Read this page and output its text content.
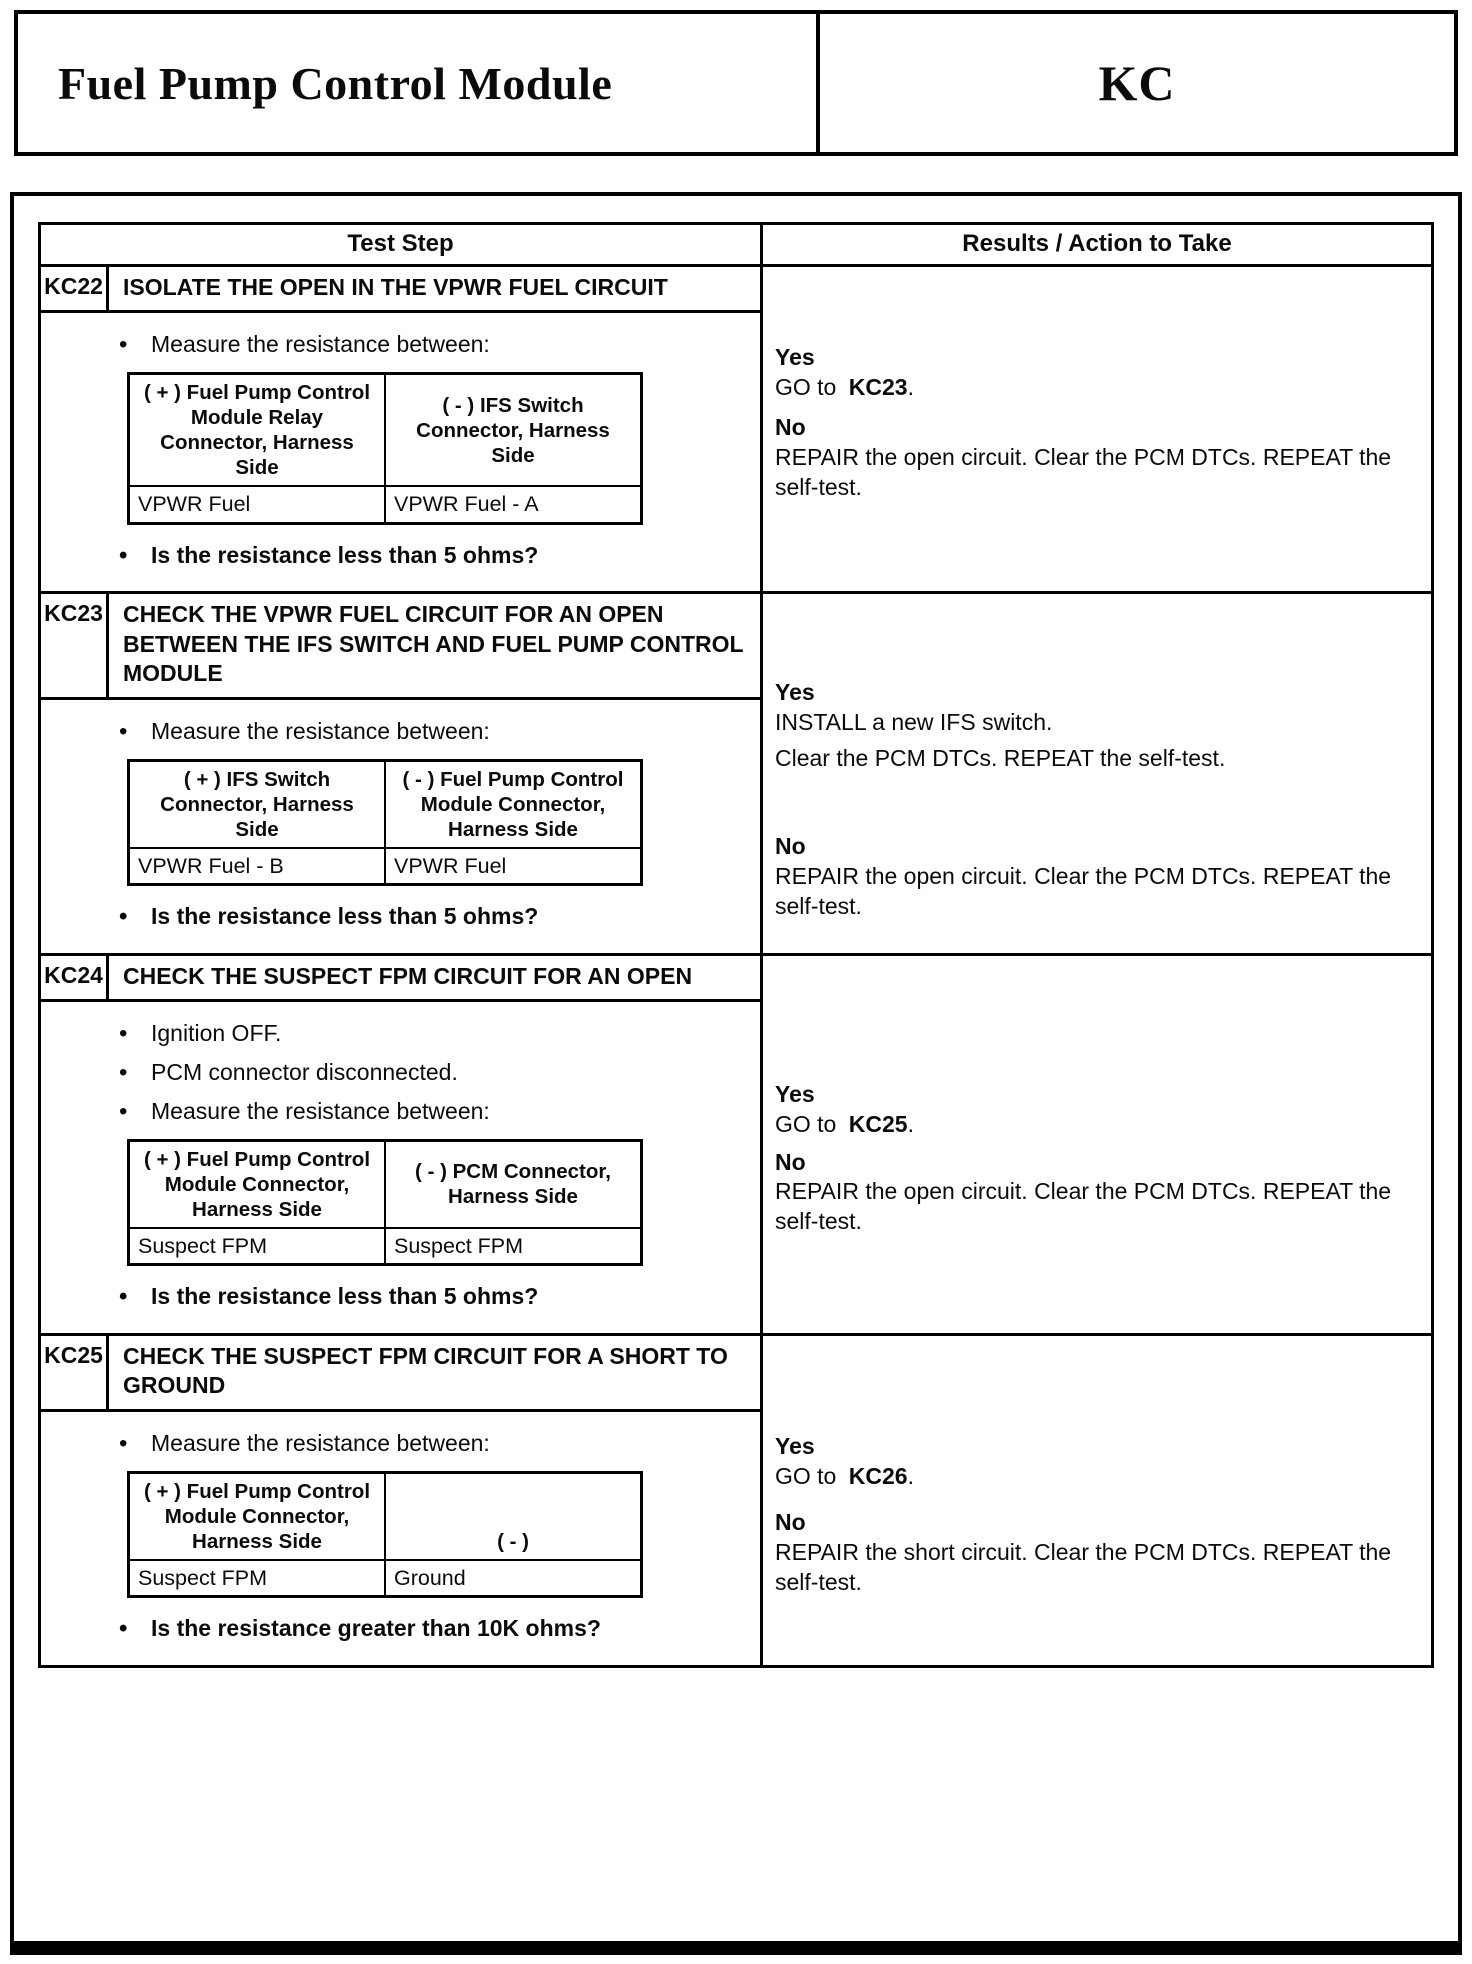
Fuel Pump Control Module	KC
Test Step	Results / Action to Take
KC22 ISOLATE THE OPEN IN THE VPWR FUEL CIRCUIT
• Measure the resistance between:
( + ) Fuel Pump Control Module Relay Connector, Harness Side	( - ) IFS Switch Connector, Harness Side
VPWR Fuel	VPWR Fuel - A
• Is the resistance less than 5 ohms?
Yes
GO to KC23.
No
REPAIR the open circuit. Clear the PCM DTCs. REPEAT the self-test.
KC23 CHECK THE VPWR FUEL CIRCUIT FOR AN OPEN BETWEEN THE IFS SWITCH AND FUEL PUMP CONTROL MODULE
• Measure the resistance between:
( + ) IFS Switch Connector, Harness Side	( - ) Fuel Pump Control Module Connector, Harness Side
VPWR Fuel - B	VPWR Fuel
• Is the resistance less than 5 ohms?
Yes
INSTALL a new IFS switch.
Clear the PCM DTCs. REPEAT the self-test.
No
REPAIR the open circuit. Clear the PCM DTCs. REPEAT the self-test.
KC24 CHECK THE SUSPECT FPM CIRCUIT FOR AN OPEN
• Ignition OFF.
• PCM connector disconnected.
• Measure the resistance between:
( + ) Fuel Pump Control Module Connector, Harness Side	( - ) PCM Connector, Harness Side
Suspect FPM	Suspect FPM
• Is the resistance less than 5 ohms?
Yes
GO to KC25.
No
REPAIR the open circuit. Clear the PCM DTCs. REPEAT the self-test.
KC25 CHECK THE SUSPECT FPM CIRCUIT FOR A SHORT TO GROUND
• Measure the resistance between:
( + ) Fuel Pump Control Module Connector, Harness Side	( - )
Suspect FPM	Ground
• Is the resistance greater than 10K ohms?
Yes
GO to KC26.
No
REPAIR the short circuit. Clear the PCM DTCs. REPEAT the self-test.
